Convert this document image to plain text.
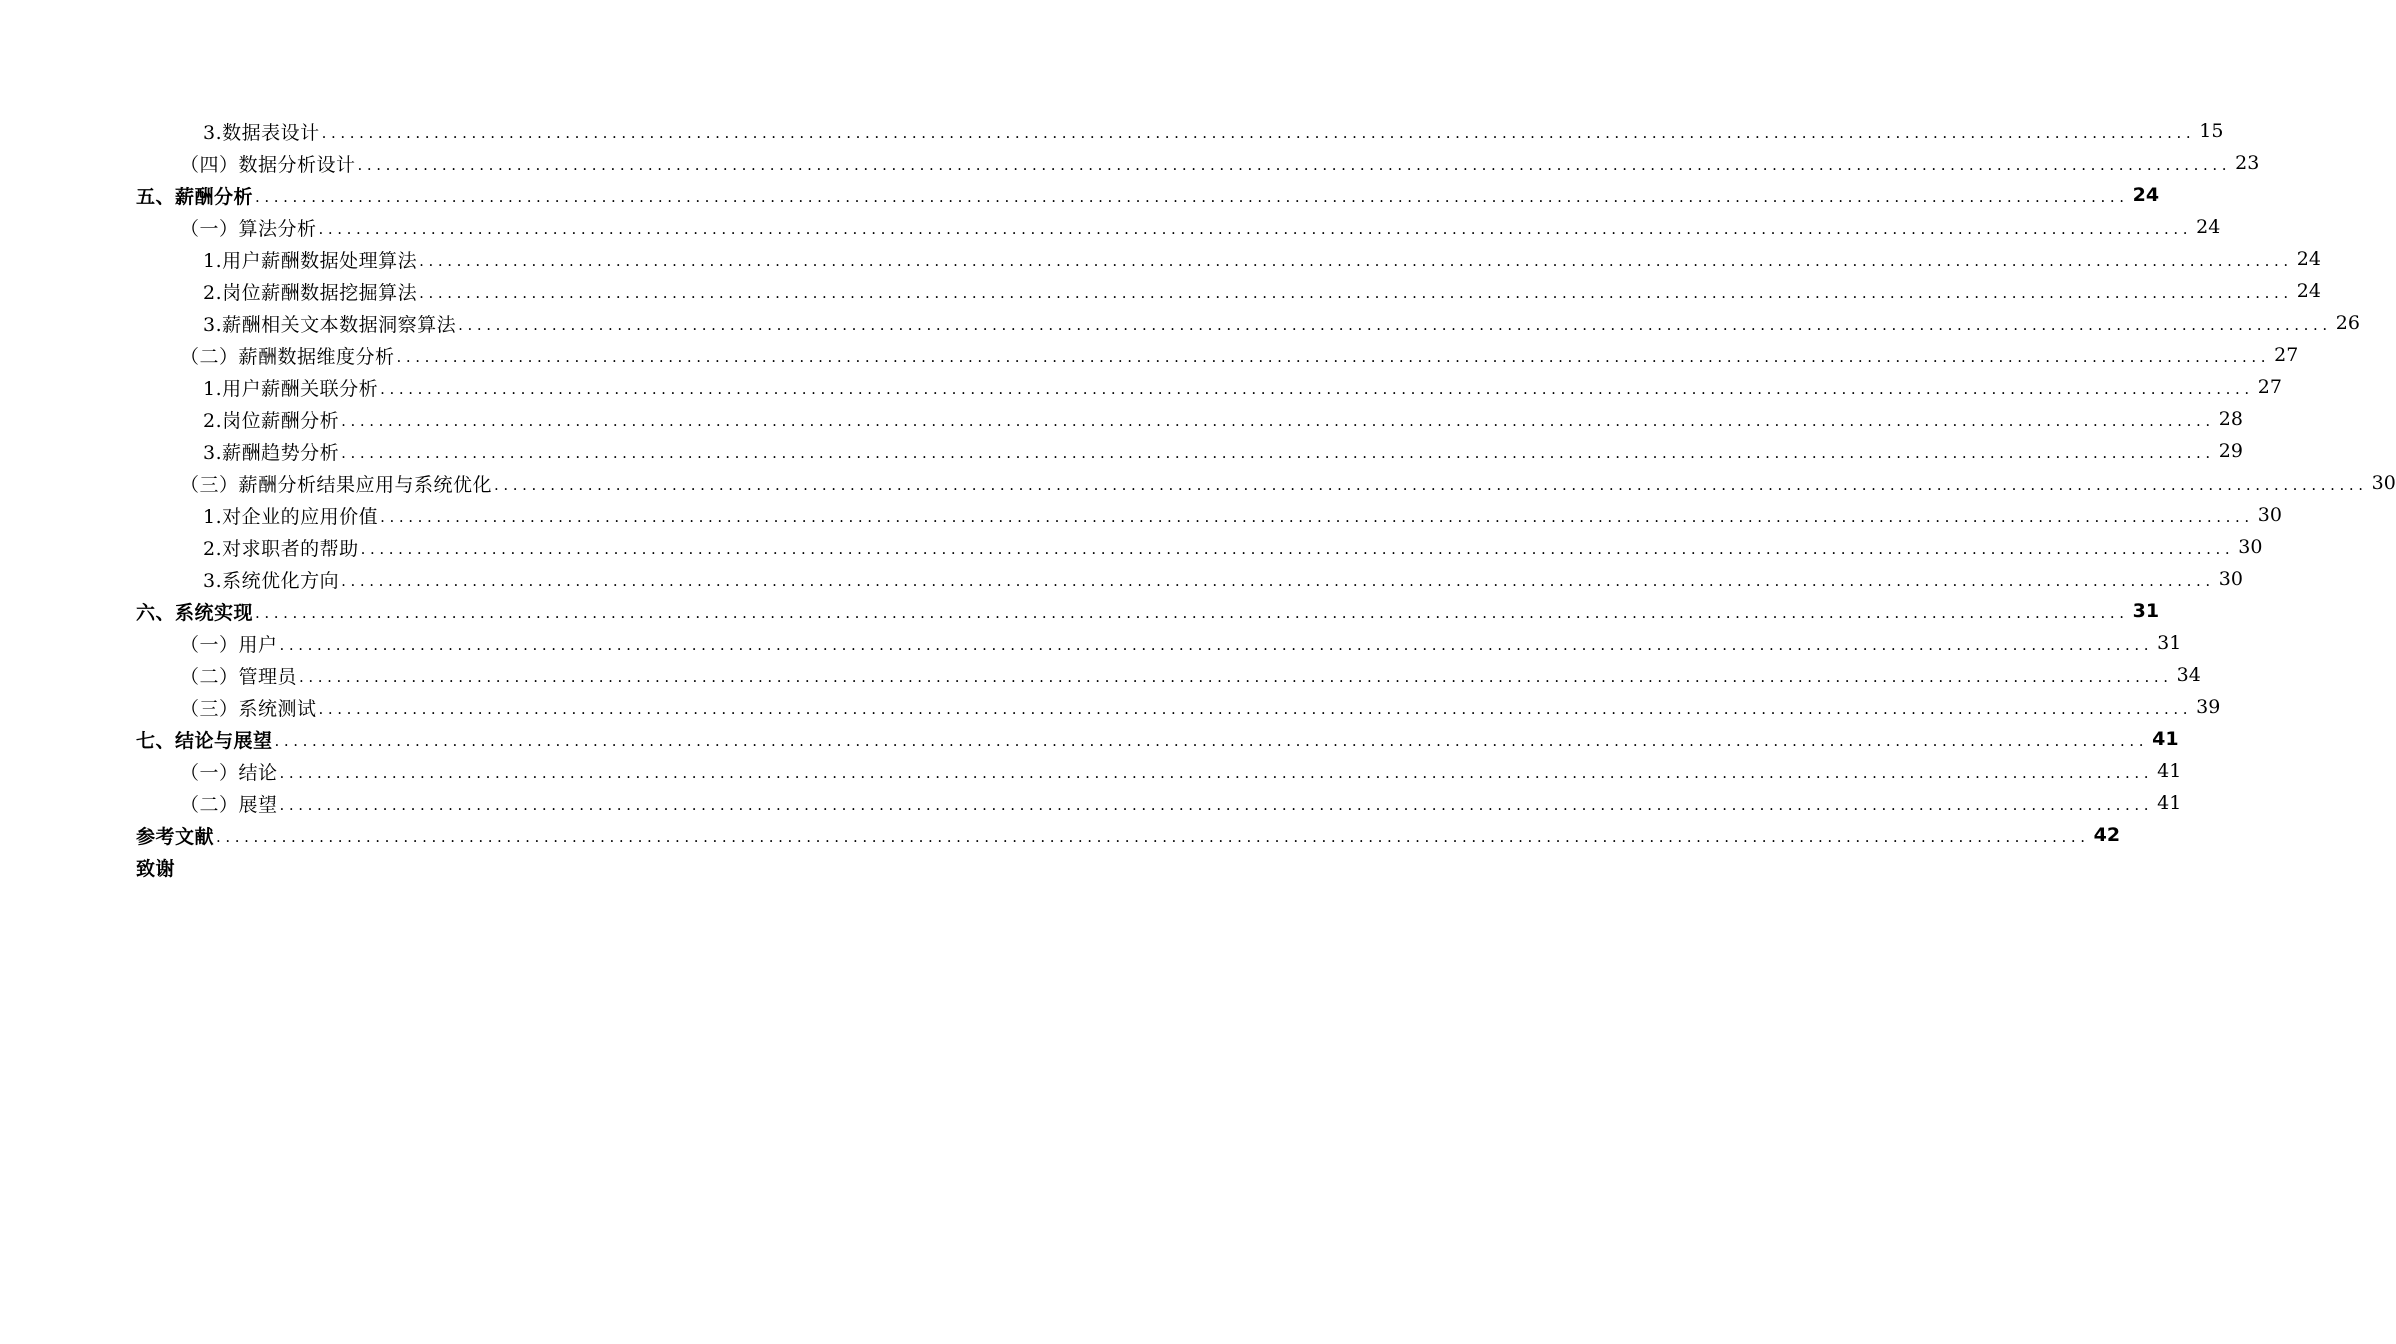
3.数据表设计 ........................................................................................................................................................................................................ 15
（四）数据分析设计 ........................................................................................................................................................................................................ 23
五、薪酬分析 ........................................................................................................................................................................................................ 24
（一）算法分析 ........................................................................................................................................................................................................ 24
1.用户薪酬数据处理算法 ........................................................................................................................................................................................................ 24
2.岗位薪酬数据挖掘算法 ........................................................................................................................................................................................................ 24
3.薪酬相关文本数据洞察算法 ........................................................................................................................................................................................................ 26
（二）薪酬数据维度分析 ........................................................................................................................................................................................................ 27
1.用户薪酬关联分析 ........................................................................................................................................................................................................ 27
2.岗位薪酬分析 ........................................................................................................................................................................................................ 28
3.薪酬趋势分析 ........................................................................................................................................................................................................ 29
（三）薪酬分析结果应用与系统优化 ........................................................................................................................................................................................................ 30
1.对企业的应用价值 ........................................................................................................................................................................................................ 30
2.对求职者的帮助 ........................................................................................................................................................................................................ 30
3.系统优化方向 ........................................................................................................................................................................................................ 30
六、系统实现 ........................................................................................................................................................................................................ 31
（一）用户 ........................................................................................................................................................................................................ 31
（二）管理员 ........................................................................................................................................................................................................ 34
（三）系统测试 ........................................................................................................................................................................................................ 39
七、结论与展望 ........................................................................................................................................................................................................ 41
（一）结论 ........................................................................................................................................................................................................ 41
（二）展望 ........................................................................................................................................................................................................ 41
参考文献 ........................................................................................................................................................................................................ 42
致谢
